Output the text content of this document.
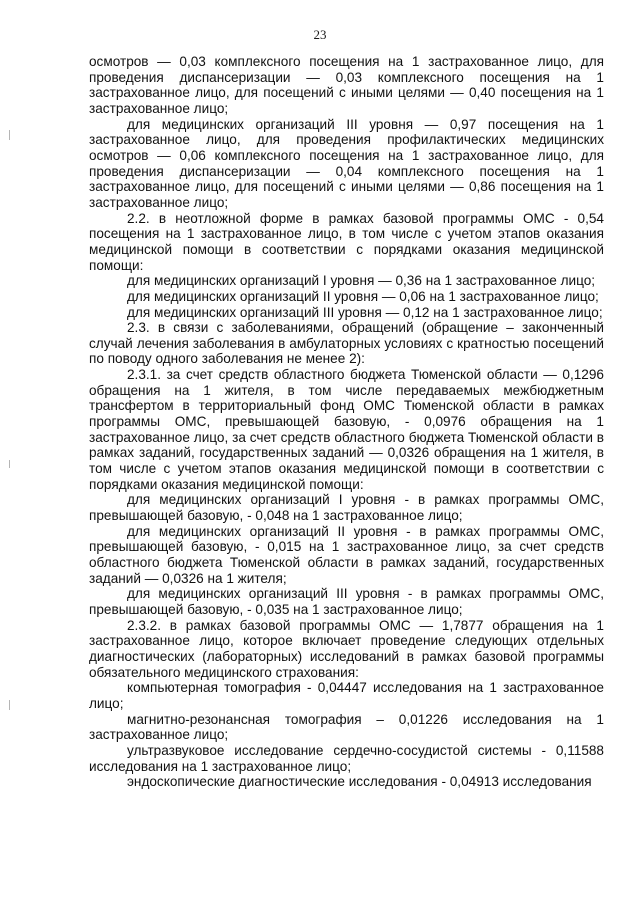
23

осмотров — 0,03 комплексного посещения на 1 застрахованное лицо, для проведения диспансеризации — 0,03 комплексного посещения на 1 застрахованное лицо, для посещений с иными целями — 0,40 посещения на 1 застрахованное лицо;

для медицинских организаций III уровня — 0,97 посещения на 1 застрахованное лицо, для проведения профилактических медицинских осмотров — 0,06 комплексного посещения на 1 застрахованное лицо, для проведения диспансеризации — 0,04 комплексного посещения на 1 застрахованное лицо, для посещений с иными целями — 0,86 посещения на 1 застрахованное лицо;

2.2. в неотложной форме в рамках базовой программы ОМС - 0,54 посещения на 1 застрахованное лицо, в том числе с учетом этапов оказания медицинской помощи в соответствии с порядками оказания медицинской помощи:

для медицинских организаций I уровня — 0,36 на 1 застрахованное лицо;

для медицинских организаций II уровня — 0,06 на 1 застрахованное лицо;

для медицинских организаций III уровня — 0,12 на 1 застрахованное лицо;

2.3. в связи с заболеваниями, обращений (обращение – законченный случай лечения заболевания в амбулаторных условиях с кратностью посещений по поводу одного заболевания не менее 2):

2.3.1. за счет средств областного бюджета Тюменской области — 0,1296 обращения на 1 жителя, в том числе передаваемых межбюджетным трансфертом в территориальный фонд ОМС Тюменской области в рамках программы ОМС, превышающей базовую, - 0,0976 обращения на 1 застрахованное лицо, за счет средств областного бюджета Тюменской области в рамках заданий, государственных заданий — 0,0326 обращения на 1 жителя, в том числе с учетом этапов оказания медицинской помощи в соответствии с порядками оказания медицинской помощи:

для медицинских организаций I уровня - в рамках программы ОМС, превышающей базовую, - 0,048 на 1 застрахованное лицо;

для медицинских организаций II уровня - в рамках программы ОМС, превышающей базовую, - 0,015 на 1 застрахованное лицо, за счет средств областного бюджета Тюменской области в рамках заданий, государственных заданий — 0,0326 на 1 жителя;

для медицинских организаций III уровня - в рамках программы ОМС, превышающей базовую, - 0,035 на 1 застрахованное лицо;

2.3.2. в рамках базовой программы ОМС — 1,7877 обращения на 1 застрахованное лицо, которое включает проведение следующих отдельных диагностических (лабораторных) исследований в рамках базовой программы обязательного медицинского страхования:

компьютерная томография - 0,04447 исследования на 1 застрахованное лицо;

магнитно-резонансная томография – 0,01226 исследования на 1 застрахованное лицо;

ультразвуковое исследование сердечно-сосудистой системы - 0,11588 исследования на 1 застрахованное лицо;

эндоскопические диагностические исследования - 0,04913 исследования
